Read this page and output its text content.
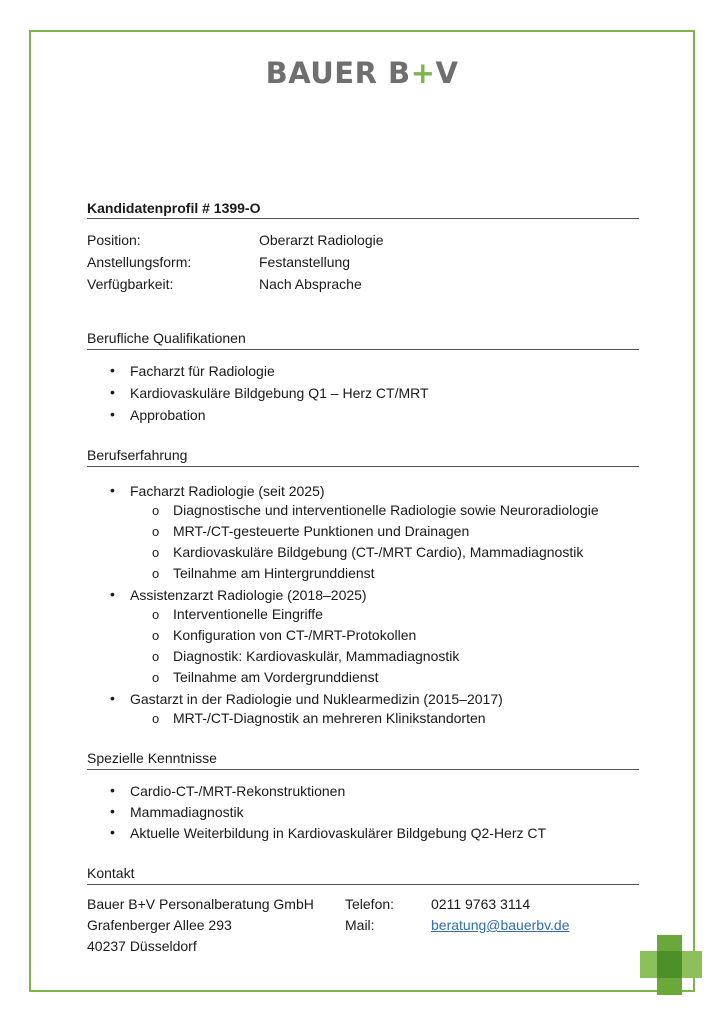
BAUER B+V
Kandidatenprofil # 1399-O
Position:	Oberarzt Radiologie
Anstellungsform:	Festanstellung
Verfügbarkeit:	Nach Absprache
Berufliche Qualifikationen
• Facharzt für Radiologie
• Kardiovaskuläre Bildgebung Q1 – Herz CT/MRT
• Approbation
Berufserfahrung
• Facharzt Radiologie (seit 2025)
o Diagnostische und interventionelle Radiologie sowie Neuroradiologie
o MRT-/CT-gesteuerte Punktionen und Drainagen
o Kardiovaskuläre Bildgebung (CT-/MRT Cardio), Mammadiagnostik
o Teilnahme am Hintergrunddienst
• Assistenzarzt Radiologie (2018–2025)
o Interventionelle Eingriffe
o Konfiguration von CT-/MRT-Protokollen
o Diagnostik: Kardiovaskulär, Mammadiagnostik
o Teilnahme am Vordergrunddienst
• Gastarzt in der Radiologie und Nuklearmedizin (2015–2017)
o MRT-/CT-Diagnostik an mehreren Klinikstandorten
Spezielle Kenntnisse
• Cardio-CT-/MRT-Rekonstruktionen
• Mammadiagnostik
• Aktuelle Weiterbildung in Kardiovaskulärer Bildgebung Q2-Herz CT
Kontakt
Bauer B+V Personalberatung GmbH
Grafenberger Allee 293
40237 Düsseldorf
Telefon:	0211 9763 3114
Mail:	beratung@bauerbv.de
